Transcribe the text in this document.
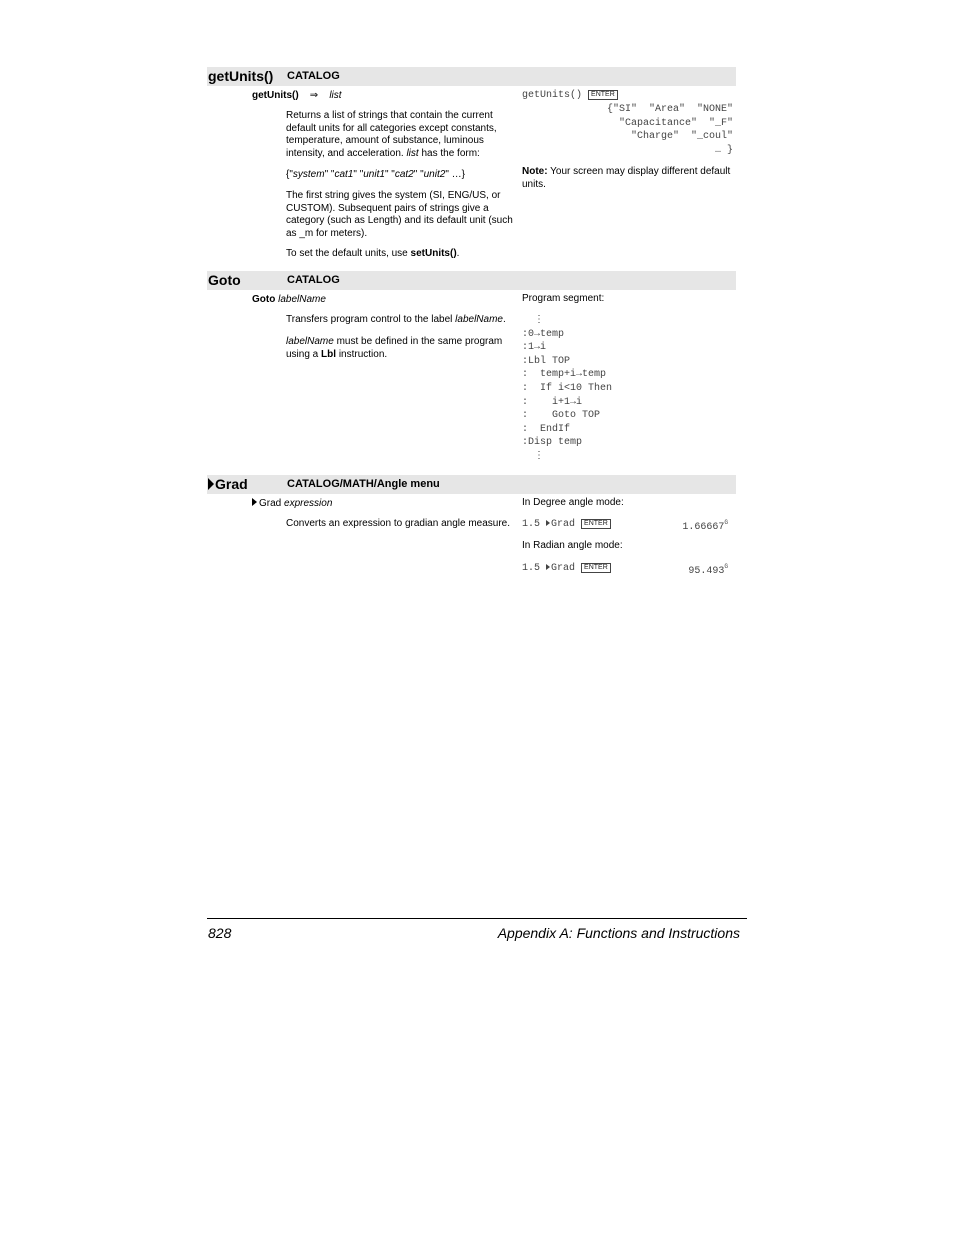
getUnits() CATALOG
getUnits() ⇒ list
Returns a list of strings that contain the current default units for all categories except constants, temperature, amount of substance, luminous intensity, and acceleration. list has the form:
{"system" "cat1" "unit1" "cat2" "unit2" …}
The first string gives the system (SI, ENG/US, or CUSTOM). Subsequent pairs of strings give a category (such as Length) and its default unit (such as _m for meters).
To set the default units, use setUnits().
getUnits() ENTER
{"SI"  "Area"  "NONE"
"Capacitance"  "_F"
"Charge"  "_coul"
… }
Note: Your screen may display different default units.
Goto	CATALOG
Goto labelName
Transfers program control to the label labelName.
labelName must be defined in the same program using a Lbl instruction.
Program segment:
⋮
:0→temp
:1→i
:Lbl TOP
:  temp+i→temp
:  If i<10 Then
:    i+1→i
:    Goto TOP
:  EndIf
:Disp temp
⋮
Grad	CATALOG/MATH/Angle menu
Grad expression
Converts an expression to gradian angle measure.
In Degree angle mode:
1.5 Grad ENTER	$1.66667^G$
In Radian angle mode:
1.5 Grad ENTER	$95.493^G$
828	Appendix A: Functions and Instructions
